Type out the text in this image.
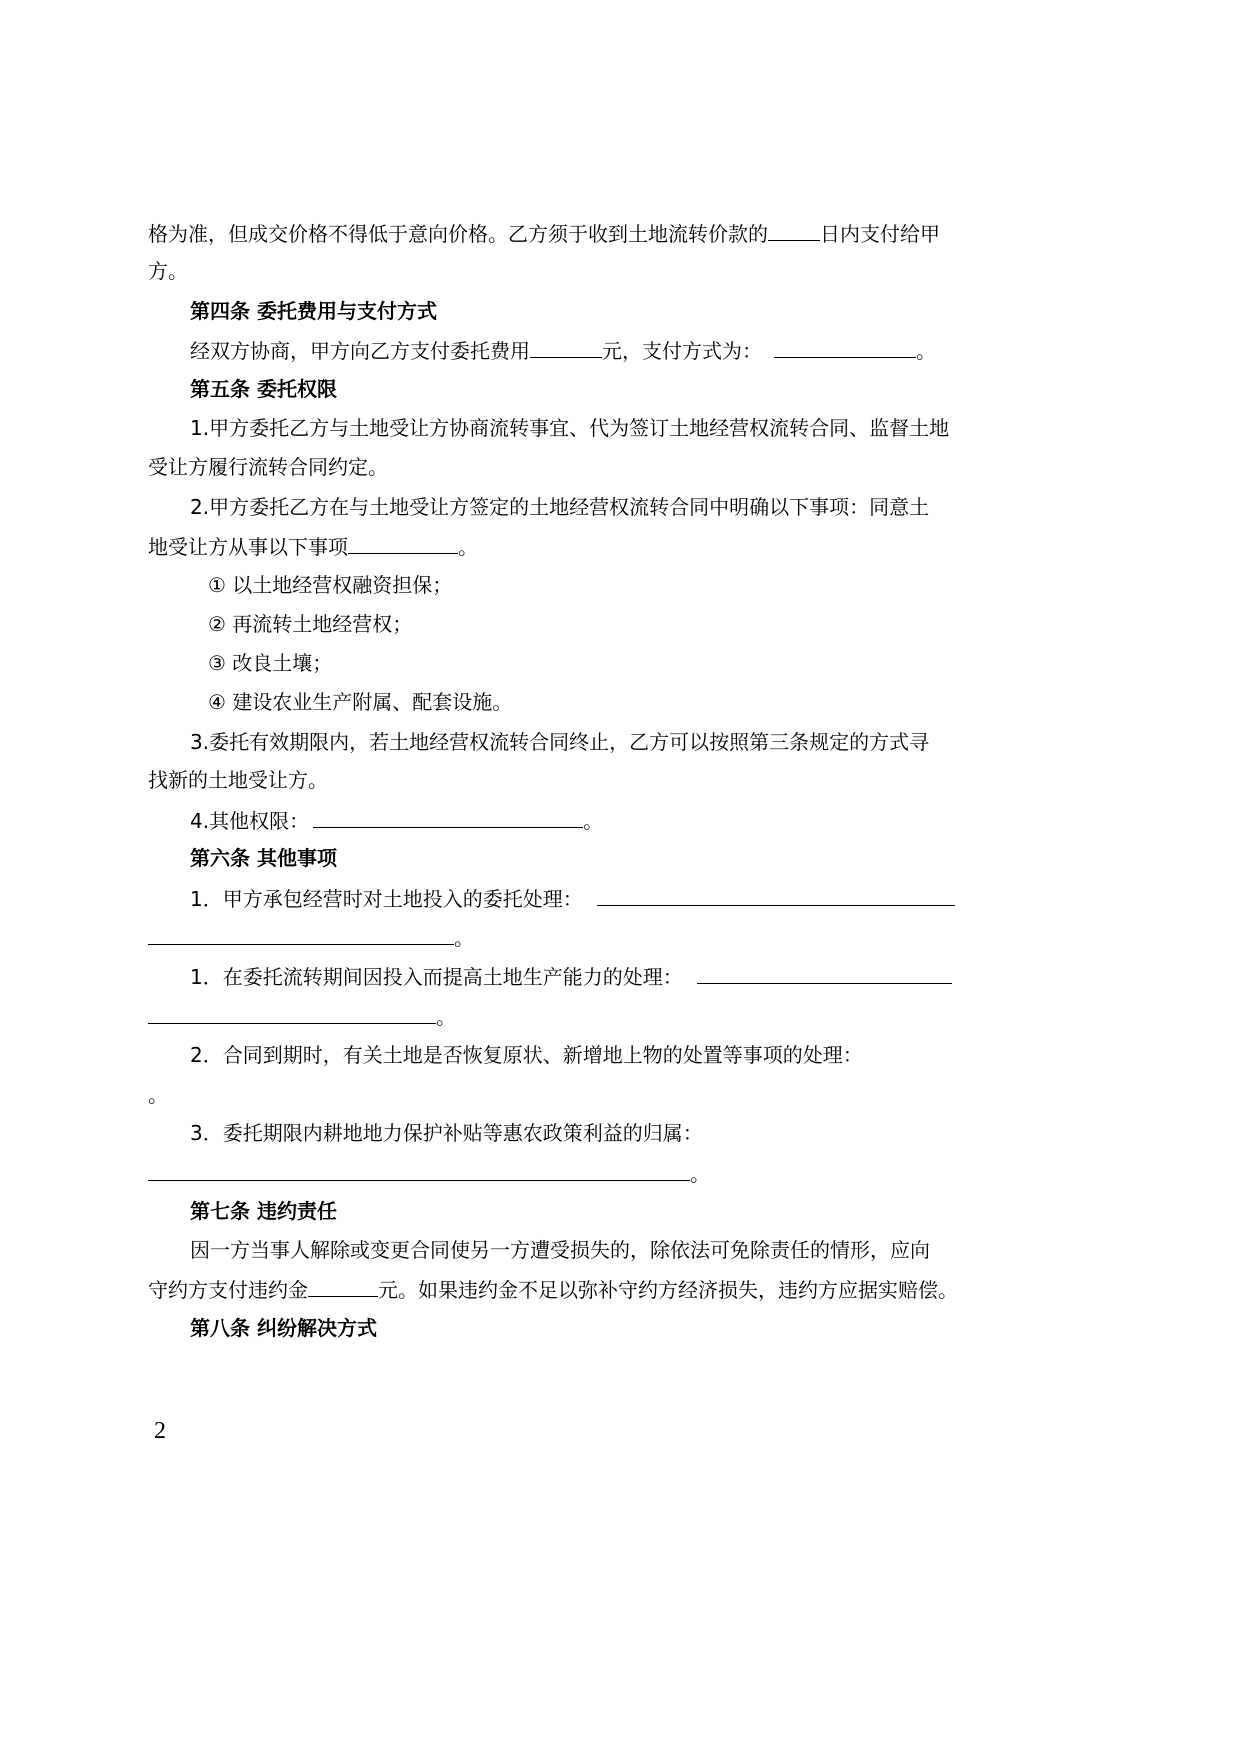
格为准，但成交价格不得低于意向价格。乙方须于收到土地流转价款的	日内支付给甲
方。
第四条 委托费用与支付方式
经双方协商，甲方向乙方支付委托费用	元，支付方式为：	。
第五条 委托权限
1.甲方委托乙方与土地受让方协商流转事宜、代为签订土地经营权流转合同、监督土地
受让方履行流转合同约定。
2.甲方委托乙方在与土地受让方签定的土地经营权流转合同中明确以下事项：同意土
地受让方从事以下事项	。
① 以土地经营权融资担保；
② 再流转土地经营权；
③ 改良土壤；
④ 建设农业生产附属、配套设施。
3.委托有效期限内，若土地经营权流转合同终止，乙方可以按照第三条规定的方式寻
找新的土地受让方。
4.其他权限：	。
第六条 其他事项
1．甲方承包经营时对土地投入的委托处理：
。
1．在委托流转期间因投入而提高土地生产能力的处理：
。
2．合同到期时，有关土地是否恢复原状、新增地上物的处置等事项的处理：
。
3．委托期限内耕地地力保护补贴等惠农政策利益的归属：
。
第七条 违约责任
因一方当事人解除或变更合同使另一方遭受损失的，除依法可免除责任的情形，应向
守约方支付违约金	元。如果违约金不足以弥补守约方经济损失，违约方应据实赔偿。
第八条 纠纷解决方式
2
